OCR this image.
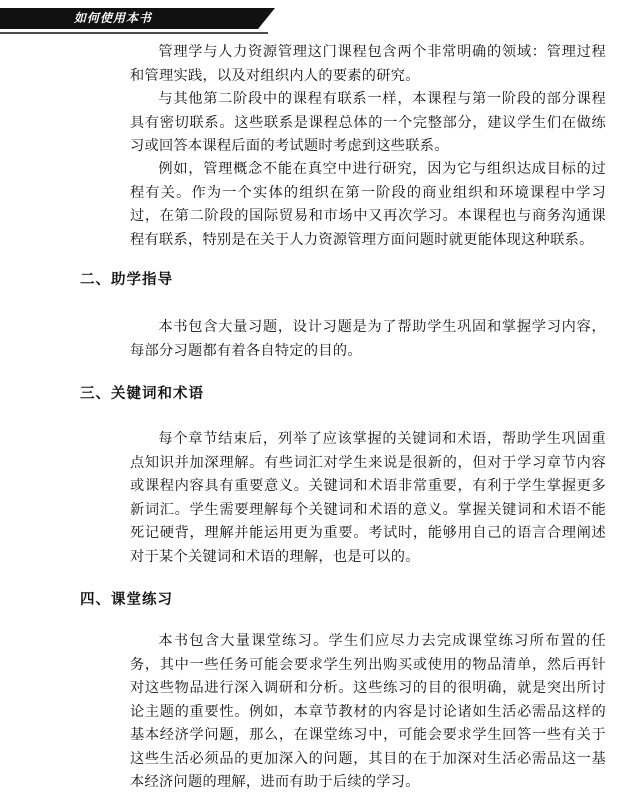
如何使用本书

管理学与人力资源管理这门课程包含两个非常明确的领域：管理过程和管理实践，以及对组织内人的要素的研究。

与其他第二阶段中的课程有联系一样，本课程与第一阶段的部分课程具有密切联系。这些联系是课程总体的一个完整部分，建议学生们在做练习或回答本课程后面的考试题时考虑到这些联系。

例如，管理概念不能在真空中进行研究，因为它与组织达成目标的过程有关。作为一个实体的组织在第一阶段的商业组织和环境课程中学习过，在第二阶段的国际贸易和市场中又再次学习。本课程也与商务沟通课程有联系，特别是在关于人力资源管理方面问题时就更能体现这种联系。

二、助学指导

本书包含大量习题，设计习题是为了帮助学生巩固和掌握学习内容，每部分习题都有着各自特定的目的。

三、关键词和术语

每个章节结束后，列举了应该掌握的关键词和术语，帮助学生巩固重点知识并加深理解。有些词汇对学生来说是很新的，但对于学习章节内容或课程内容具有重要意义。关键词和术语非常重要，有利于学生掌握更多新词汇。学生需要理解每个关键词和术语的意义。掌握关键词和术语不能死记硬背，理解并能运用更为重要。考试时，能够用自己的语言合理阐述对于某个关键词和术语的理解，也是可以的。

四、课堂练习

本书包含大量课堂练习。学生们应尽力去完成课堂练习所布置的任务，其中一些任务可能会要求学生列出购买或使用的物品清单，然后再针对这些物品进行深入调研和分析。这些练习的目的很明确，就是突出所讨论主题的重要性。例如，本章节教材的内容是讨论诸如生活必需品这样的基本经济学问题，那么，在课堂练习中，可能会要求学生回答一些有关于这些生活必须品的更加深入的问题，其目的在于加深对生活必需品这一基本经济问题的理解，进而有助于后续的学习。
